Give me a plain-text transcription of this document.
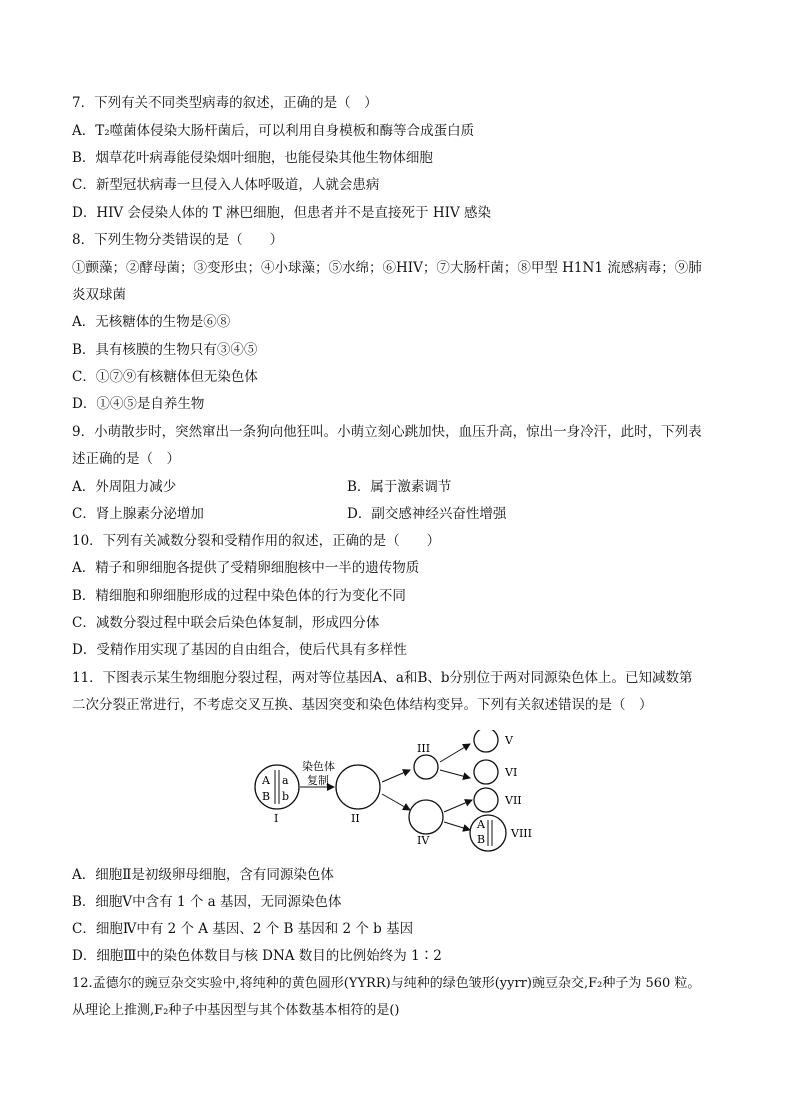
7．下列有关不同类型病毒的叙述，正确的是（　）
A．T₂噬菌体侵染大肠杆菌后，可以利用自身模板和酶等合成蛋白质
B．烟草花叶病毒能侵染烟叶细胞，也能侵染其他生物体细胞
C．新型冠状病毒一旦侵入人体呼吸道，人就会患病
D．HIV 会侵染人体的 T 淋巴细胞，但患者并不是直接死于 HIV 感染
8．下列生物分类错误的是（　　）
①颤藻；②酵母菌；③变形虫；④小球藻；⑤水绵；⑥HIV；⑦大肠杆菌；⑧甲型 H1N1 流感病毒；⑨肺
炎双球菌
A．无核糖体的生物是⑥⑧
B．具有核膜的生物只有③④⑤
C．①⑦⑨有核糖体但无染色体
D．①④⑤是自养生物
9．小萌散步时，突然窜出一条狗向他狂叫。小萌立刻心跳加快，血压升高，惊出一身冷汗，此时，下列表
述正确的是（　）
A．外周阻力减少	B．属于激素调节
C．肾上腺素分泌增加	D．副交感神经兴奋性增强
10．下列有关减数分裂和受精作用的叙述，正确的是（　　）
A．精子和卵细胞各提供了受精卵细胞核中一半的遗传物质
B．精细胞和卵细胞形成的过程中染色体的行为变化不同
C．减数分裂过程中联会后染色体复制，形成四分体
D．受精作用实现了基因的自由组合，使后代具有多样性
11．下图表示某生物细胞分裂过程，两对等位基因A、a和B、b分别位于两对同源染色体上。已知减数第
二次分裂正常进行，不考虑交叉互换、基因突变和染色体结构变异。下列有关叙述错误的是（　）
A a
B b
I
染色体
复制
II
III
IV
V
VI
VII
A
B VIII
A．细胞Ⅱ是初级卵母细胞，含有同源染色体
B．细胞Ⅴ中含有 1 个 a 基因，无同源染色体
C．细胞Ⅳ中有 2 个 A 基因、2 个 B 基因和 2 个 b 基因
D．细胞Ⅲ中的染色体数目与核 DNA 数目的比例始终为 1∶2
12.孟德尔的豌豆杂交实验中,将纯种的黄色圆形(YYRR)与纯种的绿色皱形(yyrr)豌豆杂交,F₂种子为 560 粒。
从理论上推测,F₂种子中基因型与其个体数基本相符的是()
